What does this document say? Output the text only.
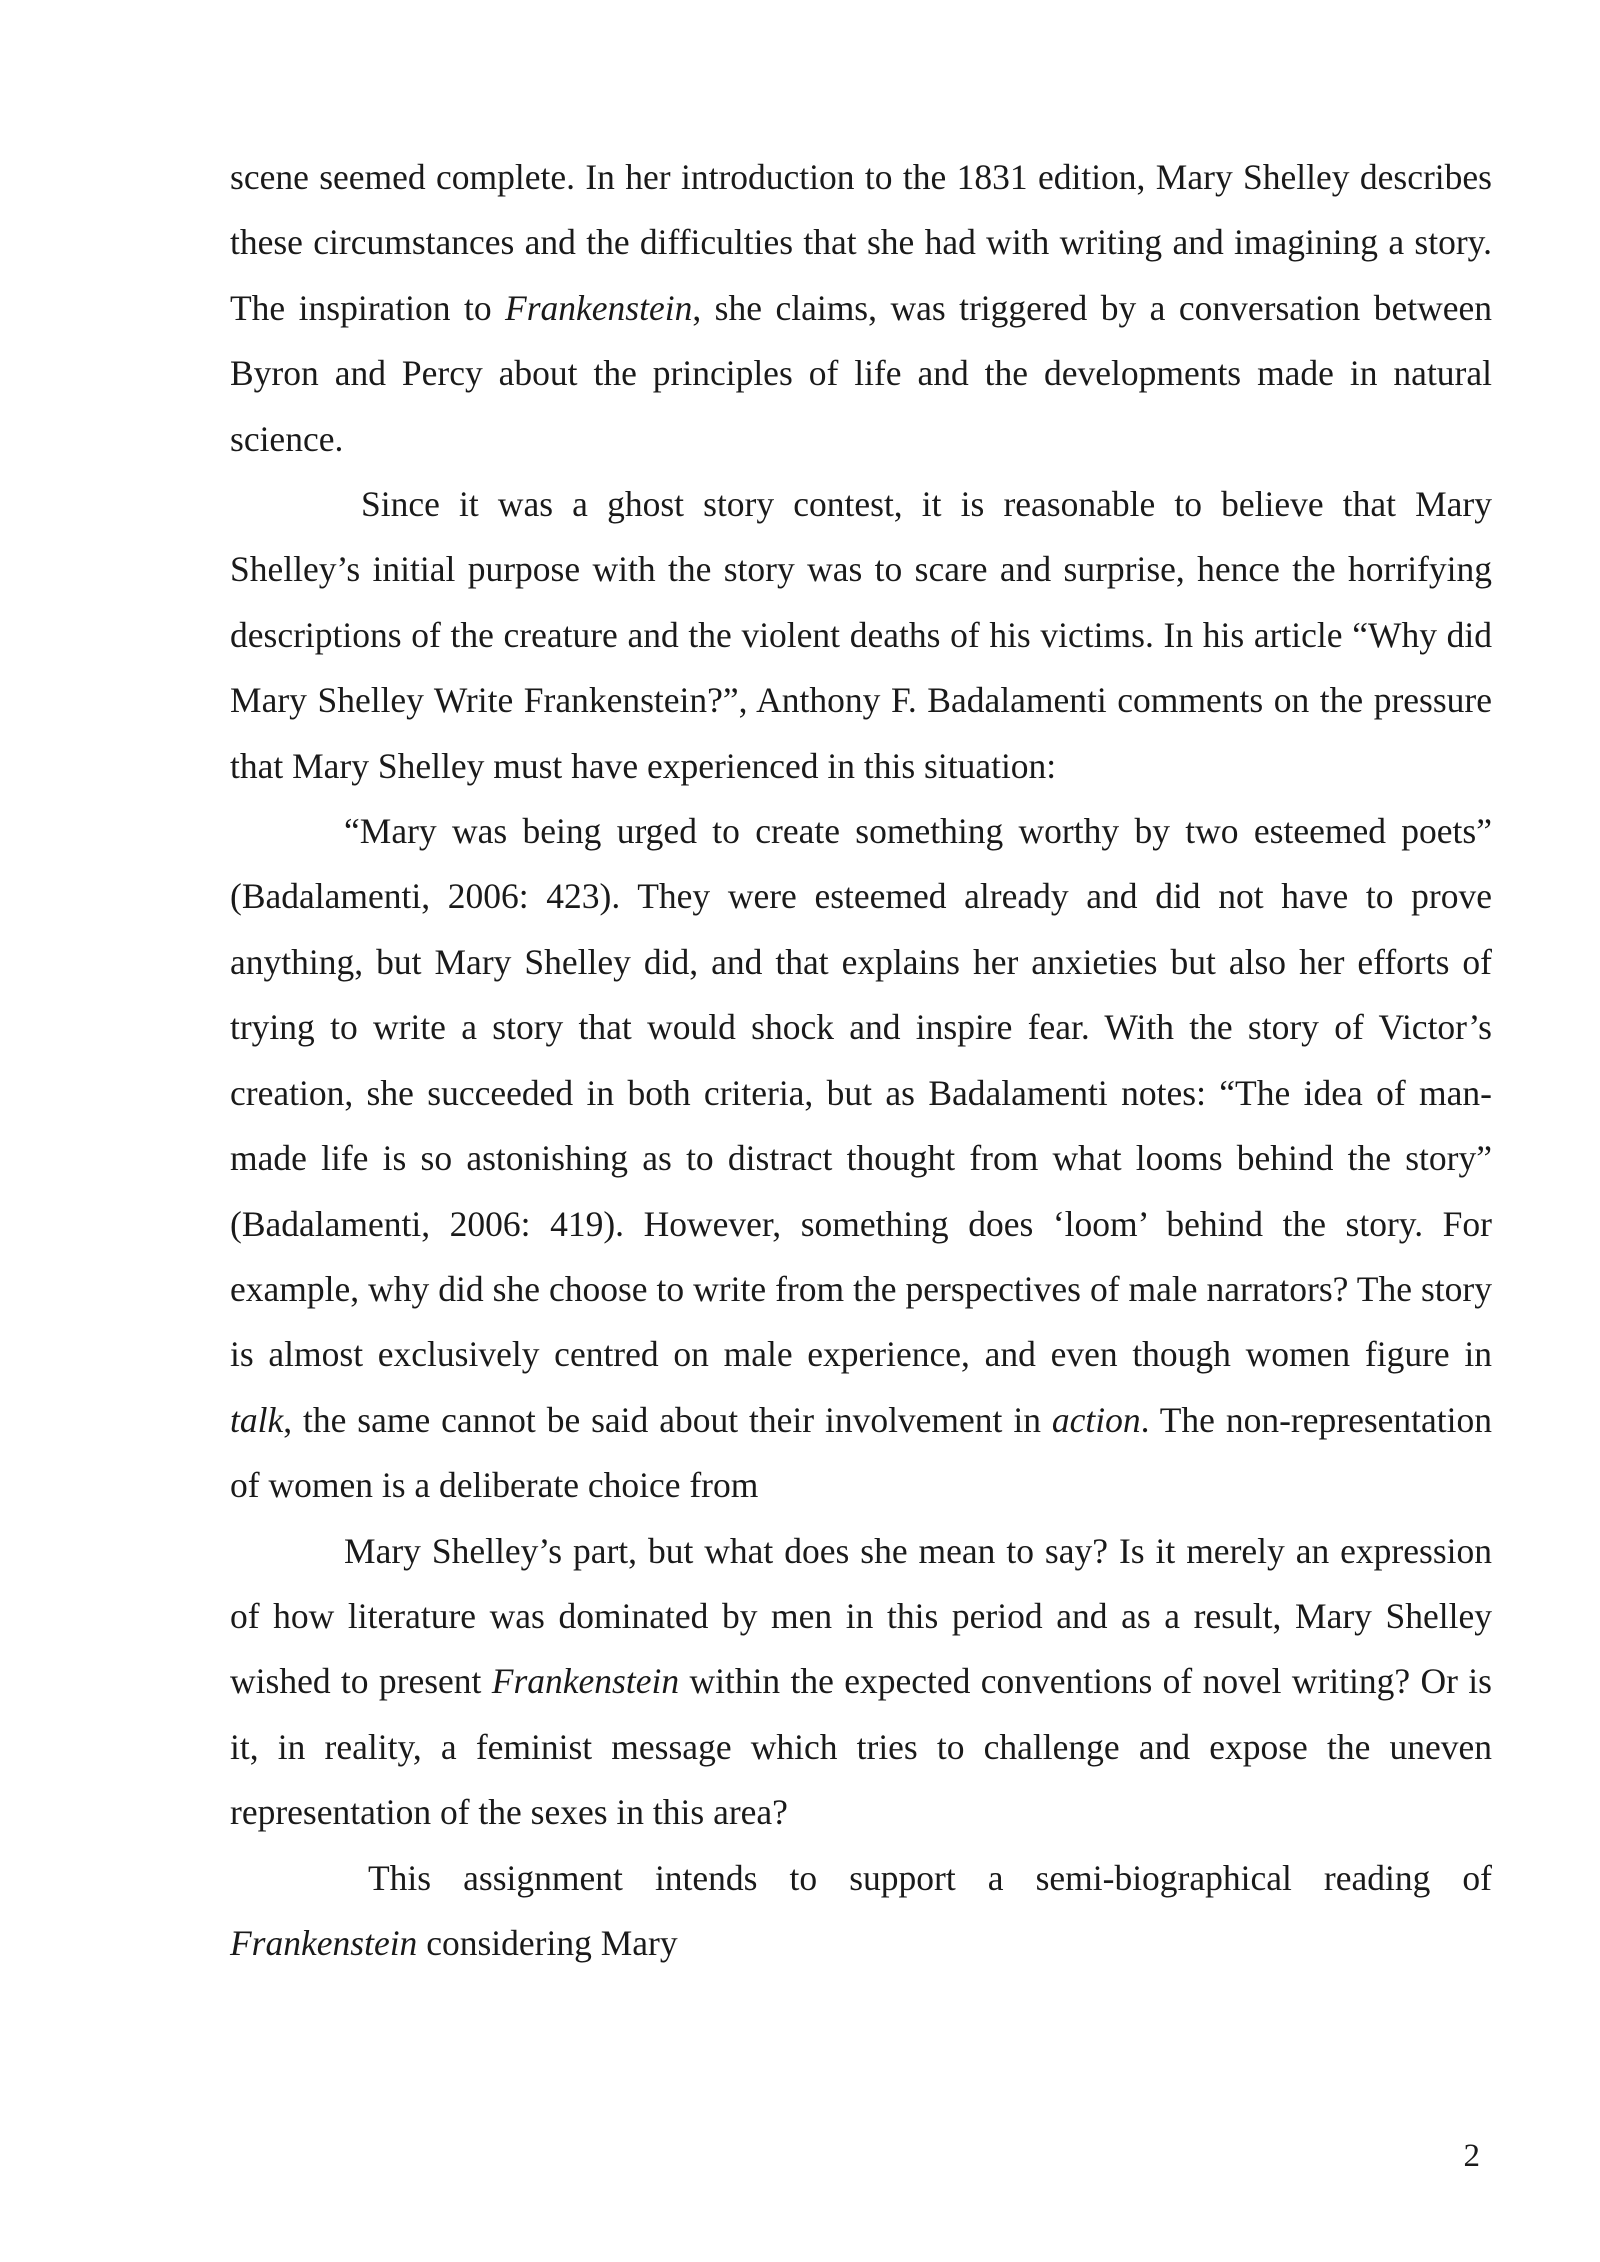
scene seemed complete. In her introduction to the 1831 edition, Mary Shelley describes these circumstances and the difficulties that she had with writing and imagining a story. The inspiration to Frankenstein, she claims, was triggered by a conversation between Byron and Percy about the principles of life and the developments made in natural science.

Since it was a ghost story contest, it is reasonable to believe that Mary Shelley’s initial purpose with the story was to scare and surprise, hence the horrifying descriptions of the creature and the violent deaths of his victims. In his article “Why did Mary Shelley Write Frankenstein?”, Anthony F. Badalamenti comments on the pressure that Mary Shelley must have experienced in this situation:

“Mary was being urged to create something worthy by two esteemed poets” (Badalamenti, 2006: 423). They were esteemed already and did not have to prove anything, but Mary Shelley did, and that explains her anxieties but also her efforts of trying to write a story that would shock and inspire fear. With the story of Victor’s creation, she succeeded in both criteria, but as Badalamenti notes: “The idea of man-made life is so astonishing as to distract thought from what looms behind the story” (Badalamenti, 2006: 419). However, something does ‘loom’ behind the story. For example, why did she choose to write from the perspectives of male narrators? The story is almost exclusively centred on male experience, and even though women figure in talk, the same cannot be said about their involvement in action. The non-representation of women is a deliberate choice from

Mary Shelley’s part, but what does she mean to say? Is it merely an expression of how literature was dominated by men in this period and as a result, Mary Shelley wished to present Frankenstein within the expected conventions of novel writing? Or is it, in reality, a feminist message which tries to challenge and expose the uneven representation of the sexes in this area?

This assignment intends to support a semi-biographical reading of Frankenstein considering Mary

2
